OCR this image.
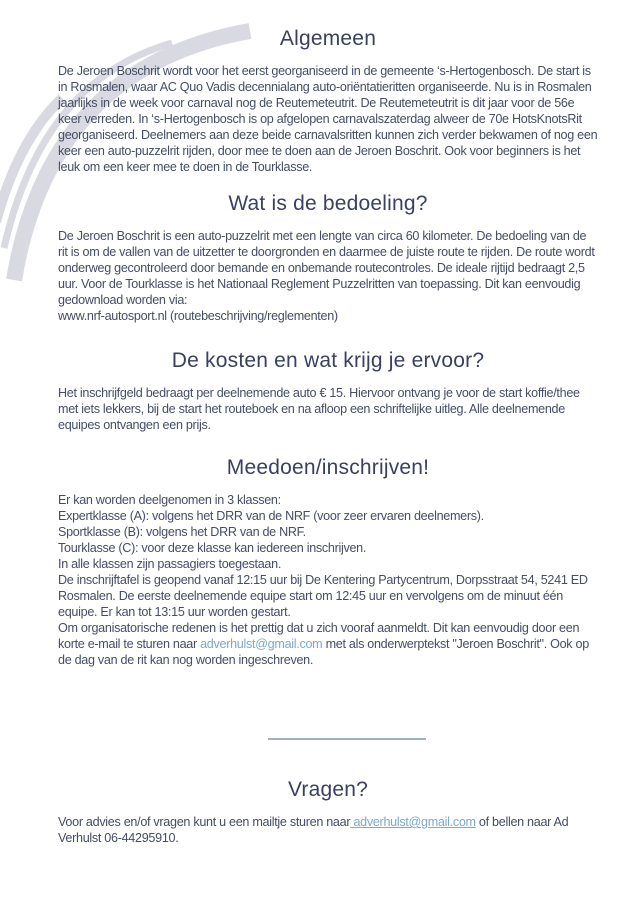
Algemeen

De Jeroen Boschrit wordt voor het eerst georganiseerd in de gemeente ‘s-Hertogenbosch. De start is in Rosmalen, waar AC Quo Vadis decennialang auto-oriëntatieritten organiseerde. Nu is in Rosmalen jaarlijks in de week voor carnaval nog de Reutemeteutrit. De Reutemeteutrit is dit jaar voor de 56e keer verreden. In ‘s-Hertogenbosch is op afgelopen carnavalszaterdag alweer de 70e HotsKnotsRit georganiseerd. Deelnemers aan deze beide carnavalsritten kunnen zich verder bekwamen of nog een keer een auto-puzzelrit rijden, door mee te doen aan de Jeroen Boschrit. Ook voor beginners is het leuk om een keer mee te doen in de Tourklasse.

Wat is de bedoeling?
De Jeroen Boschrit is een auto-puzzelrit met een lengte van circa 60 kilometer. De bedoeling van de rit is om de vallen van de uitzetter te doorgronden en daarmee de juiste route te rijden. De route wordt onderweg gecontroleerd door bemande en onbemande routecontroles. De ideale rijtijd bedraagt 2,5 uur. Voor de Tourklasse is het Nationaal Reglement Puzzelritten van toepassing. Dit kan eenvoudig gedownload worden via:
www.nrf-autosport.nl (routebeschrijving/reglementen)
De kosten en wat krijg je ervoor?

Het inschrijfgeld bedraagt per deelnemende auto € 15. Hiervoor ontvang je voor de start koffie/thee met iets lekkers, bij de start het routeboek en na afloop een schriftelijke uitleg. Alle deelnemende equipes ontvangen een prijs.

Meedoen/inschrijven!
Er kan worden deelgenomen in 3 klassen:
Expertklasse (A): volgens het DRR van de NRF (voor zeer ervaren deelnemers).
Sportklasse (B): volgens het DRR van de NRF.
Tourklasse (C): voor deze klasse kan iedereen inschrijven.
In alle klassen zijn passagiers toegestaan.
De inschrijftafel is geopend vanaf 12:15 uur bij De Kentering Partycentrum, Dorpsstraat 54, 5241 ED Rosmalen. De eerste deelnemende equipe start om 12:45 uur en vervolgens om de minuut één equipe. Er kan tot 13:15 uur worden gestart.
Om organisatorische redenen is het prettig dat u zich vooraf aanmeldt. Dit kan eenvoudig door een korte e-mail te sturen naar adverhulst@gmail.com met als onderwerptekst "Jeroen Boschrit". Ook op de dag van de rit kan nog worden ingeschreven.
Vragen?

Voor advies en/of vragen kunt u een mailtje sturen naar adverhulst@gmail.com of bellen naar Ad Verhulst 06-44295910.
